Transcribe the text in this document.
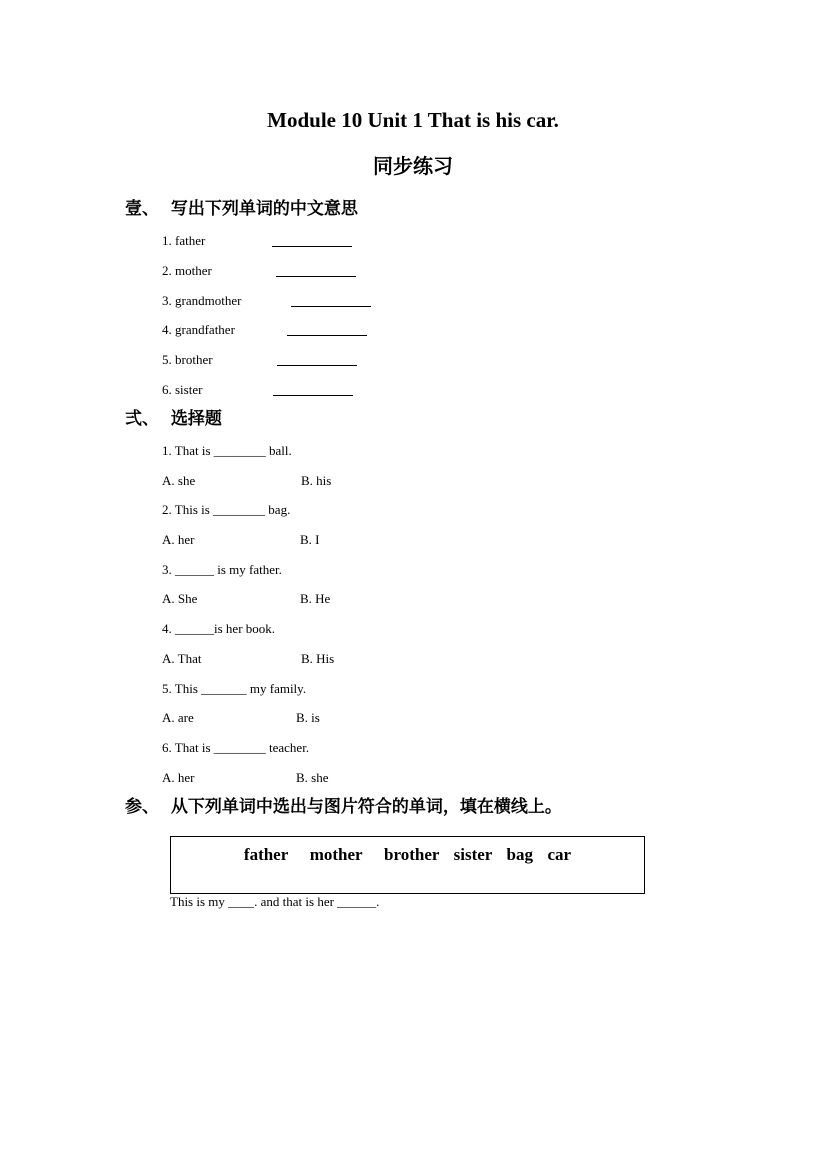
Module 10 Unit 1 That is his car.
同步练习
壹、  写出下列单词的中文意思
1. father
2. mother
3. grandmother
4. grandfather
5. brother
6. sister
弍、  选择题
1. That is ________ ball.
A. she	B. his
2. This is ________ bag.
A. her	B. I
3. ______ is my father.
A. She	B. He
4. ______is her book.
A. That	B. His
5. This _______ my family.
A. are	B. is
6. That is ________ teacher.
A. her	B. she
参、  从下列单词中选出与图片符合的单词，填在横线上。
father   mother   brother  sister  bag  car
This is my ____. and that is her ______.
